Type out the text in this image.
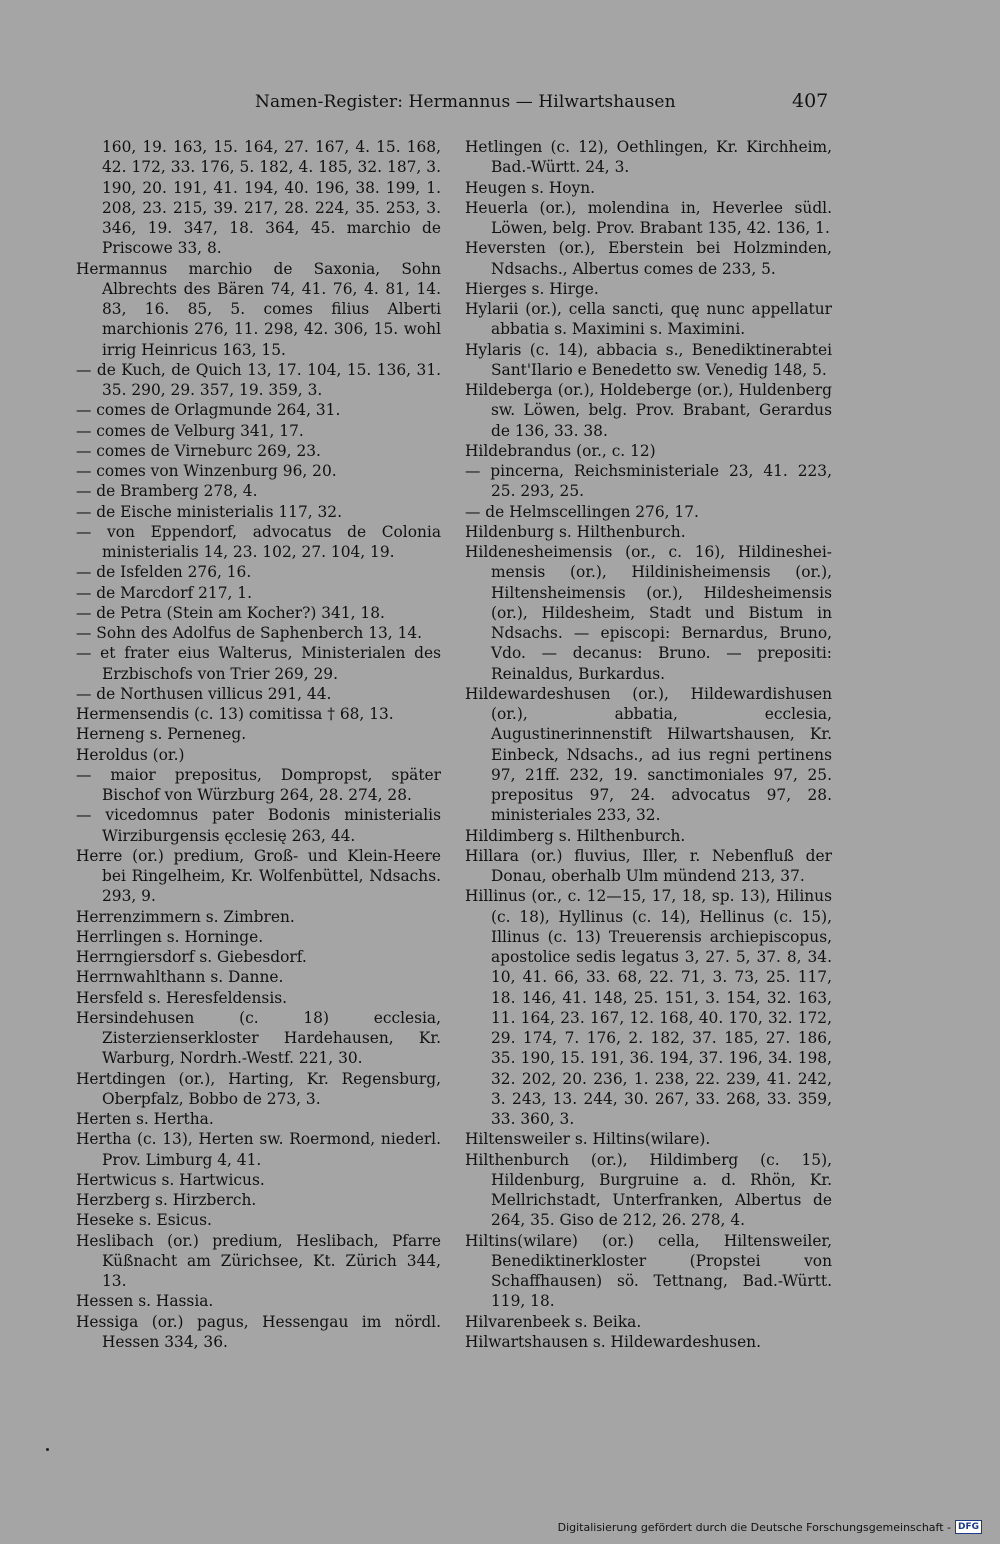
Namen-Register: Hermannus — Hilwartshausen	407
160, 19. 163, 15. 164, 27. 167, 4. 15. 168, 42. 172, 33. 176, 5. 182, 4. 185, 32. 187, 3. 190, 20. 191, 41. 194, 40. 196, 38. 199, 1. 208, 23. 215, 39. 217, 28. 224, 35. 253, 3. 346, 19. 347, 18. 364, 45. marchio de Priscowe 33, 8.
Hermannus marchio de Saxonia, Sohn Albrechts des Bären 74, 41. 76, 4. 81, 14. 83, 16. 85, 5. comes filius Alberti marchionis 276, 11. 298, 42. 306, 15. wohl irrig Heinricus 163, 15.
— de Kuch, de Quich 13, 17. 104, 15. 136, 31. 35. 290, 29. 357, 19. 359, 3.
— comes de Orlagmunde 264, 31.
— comes de Velburg 341, 17.
— comes de Virneburc 269, 23.
— comes von Winzenburg 96, 20.
— de Bramberg 278, 4.
— de Eische ministerialis 117, 32.
— von Eppendorf, advocatus de Colonia ministerialis 14, 23. 102, 27. 104, 19.
— de Isfelden 276, 16.
— de Marcdorf 217, 1.
— de Petra (Stein am Kocher?) 341, 18.
— Sohn des Adolfus de Saphenberch 13, 14.
— et frater eius Walterus, Ministerialen des Erzbischofs von Trier 269, 29.
— de Northusen villicus 291, 44.
Hermensendis (c. 13) comitissa † 68, 13.
Herneng s. Perneneg.
Heroldus (or.)
— maior prepositus, Dompropst, später Bischof von Würzburg 264, 28. 274, 28.
— vicedomnus pater Bodonis ministerialis Wirziburgensis ęcclesię 263, 44.
Herre (or.) predium, Groß- und Klein-Heere bei Ringelheim, Kr. Wolfenbüttel, Ndsachs. 293, 9.
Herrenzimmern s. Zimbren.
Herrlingen s. Horninge.
Herrngiersdorf s. Giebesdorf.
Herrnwahlthann s. Danne.
Hersfeld s. Heresfeldensis.
Hersindehusen (c. 18) ecclesia, Zisterzienserkloster Hardehausen, Kr. Warburg, Nordrh.-Westf. 221, 30.
Hertdingen (or.), Harting, Kr. Regensburg, Oberpfalz, Bobbo de 273, 3.
Herten s. Hertha.
Hertha (c. 13), Herten sw. Roermond, niederl. Prov. Limburg 4, 41.
Hertwicus s. Hartwicus.
Herzberg s. Hirzberch.
Heseke s. Esicus.
Heslibach (or.) predium, Heslibach, Pfarre Küßnacht am Zürichsee, Kt. Zürich 344, 13.
Hessen s. Hassia.
Hessiga (or.) pagus, Hessengau im nördl. Hessen 334, 36.
Hetlingen (c. 12), Oethlingen, Kr. Kirchheim, Bad.-Württ. 24, 3.
Heugen s. Hoyn.
Heuerla (or.), molendina in, Heverlee südl. Löwen, belg. Prov. Brabant 135, 42. 136, 1.
Heversten (or.), Eberstein bei Holzminden, Ndsachs., Albertus comes de 233, 5.
Hierges s. Hirge.
Hylarii (or.), cella sancti, quę nunc appellatur abbatia s. Maximini s. Maximini.
Hylaris (c. 14), abbacia s., Benediktinerabtei Sant'Ilario e Benedetto sw. Venedig 148, 5.
Hildeberga (or.), Holdeberge (or.), Huldenberg sw. Löwen, belg. Prov. Brabant, Gerardus de 136, 33. 38.
Hildebrandus (or., c. 12)
— pincerna, Reichsministeriale 23, 41. 223, 25. 293, 25.
— de Helmscellingen 276, 17.
Hildenburg s. Hilthenburch.
Hildenesheimensis (or., c. 16), Hildineshei-mensis (or.), Hildinisheimensis (or.), Hiltensheimensis (or.), Hildesheimensis (or.), Hildesheim, Stadt und Bistum in Ndsachs. — episcopi: Bernardus, Bruno, Vdo. — decanus: Bruno. — prepositi: Reinaldus, Burkardus.
Hildewardeshusen (or.), Hildewardishusen (or.), abbatia, ecclesia, Augustinerinnenstift Hilwartshausen, Kr. Einbeck, Ndsachs., ad ius regni pertinens 97, 21ff. 232, 19. sanctimoniales 97, 25. prepositus 97, 24. advocatus 97, 28. ministeriales 233, 32.
Hildimberg s. Hilthenburch.
Hillara (or.) fluvius, Iller, r. Nebenfluß der Donau, oberhalb Ulm mündend 213, 37.
Hillinus (or., c. 12—15, 17, 18, sp. 13), Hilinus (c. 18), Hyllinus (c. 14), Hellinus (c. 15), Illinus (c. 13) Treuerensis archiepiscopus, apostolice sedis legatus 3, 27. 5, 37. 8, 34. 10, 41. 66, 33. 68, 22. 71, 3. 73, 25. 117, 18. 146, 41. 148, 25. 151, 3. 154, 32. 163, 11. 164, 23. 167, 12. 168, 40. 170, 32. 172, 29. 174, 7. 176, 2. 182, 37. 185, 27. 186, 35. 190, 15. 191, 36. 194, 37. 196, 34. 198, 32. 202, 20. 236, 1. 238, 22. 239, 41. 242, 3. 243, 13. 244, 30. 267, 33. 268, 33. 359, 33. 360, 3.
Hiltensweiler s. Hiltins(wilare).
Hilthenburch (or.), Hildimberg (c. 15), Hildenburg, Burgruine a. d. Rhön, Kr. Mellrichstadt, Unterfranken, Albertus de 264, 35. Giso de 212, 26. 278, 4.
Hiltins(wilare) (or.) cella, Hiltensweiler, Benediktinerkloster (Propstei von Schaffhausen) sö. Tettnang, Bad.-Württ. 119, 18.
Hilvarenbeek s. Beika.
Hilwartshausen s. Hildewardeshusen.
Digitalisierung gefördert durch die Deutsche Forschungsgemeinschaft - DFG
